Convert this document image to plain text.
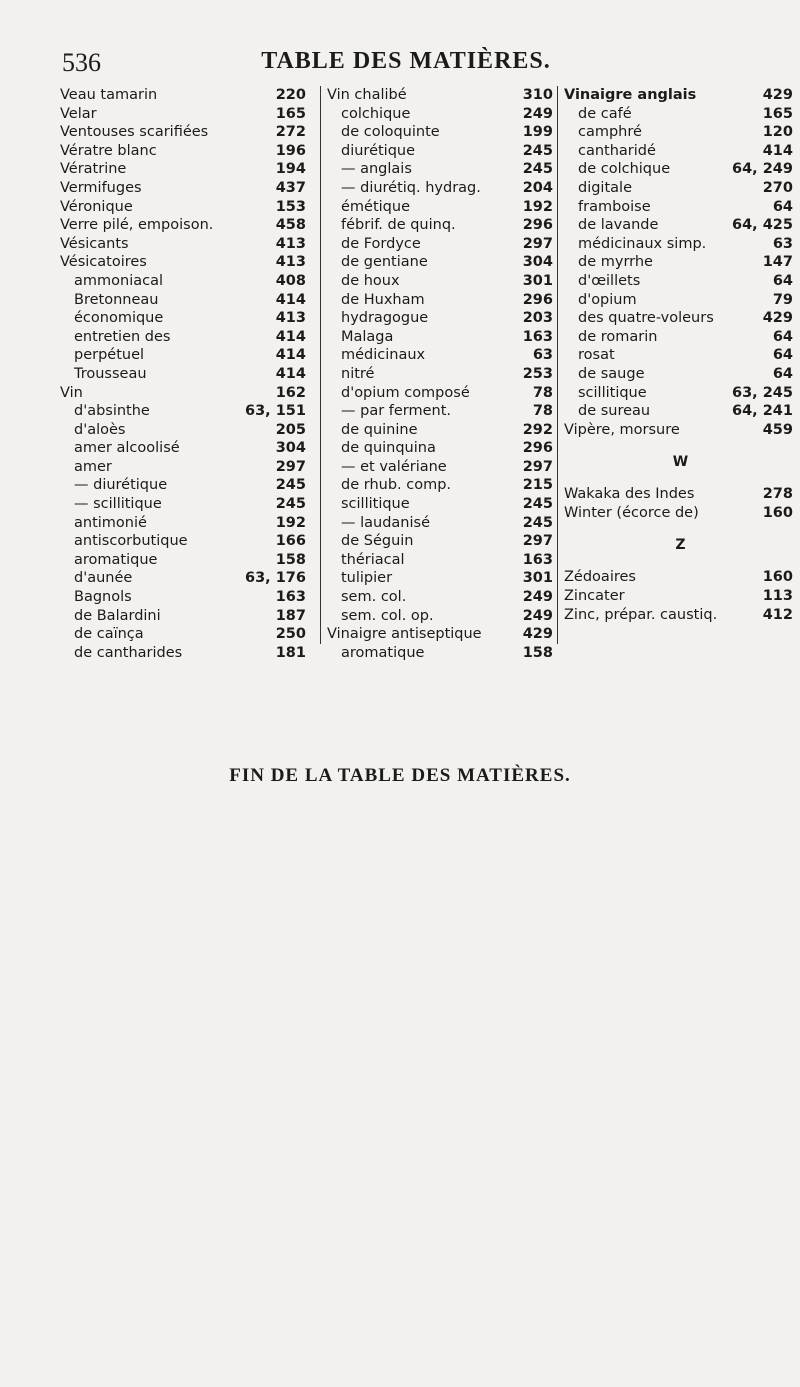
536	TABLE DES MATIÈRES.
Veau tamarin	220
Velar	165
Ventouses scarifiées	272
Vératre blanc	196
Vératrine	194
Vermifuges	437
Véronique	153
Verre pilé, empoison.	458
Vésicants	413
Vésicatoires	413
ammoniacal	408
Bretonneau	414
économique	413
entretien des	414
perpétuel	414
Trousseau	414
Vin	162
d'absinthe	63, 151
d'aloès	205
amer alcoolisé	304
amer	297
— diurétique	245
— scillitique	245
antimonié	192
antiscorbutique	166
aromatique	158
d'aunée	63, 176
Bagnols	163
de Balardini	187
de caïnça	250
de cantharides	181
Vin chalibé	310
colchique	249
de coloquinte	199
diurétique	245
— anglais	245
— diurétiq. hydrag.	204
émétique	192
fébrif. de quinq.	296
de Fordyce	297
de gentiane	304
de houx	301
de Huxham	296
hydragogue	203
Malaga	163
médicinaux	63
nitré	253
d'opium composé	78
— par ferment.	78
de quinine	292
de quinquina	296
— et valériane	297
de rhub. comp.	215
scillitique	245
— laudanisé	245
de Séguin	297
thériacal	163
tulipier	301
sem. col.	249
sem. col. op.	249
Vinaigre antiseptique	429
aromatique	158
Vinaigre anglais	429
de café	165
camphré	120
cantharidé	414
de colchique	64, 249
digitale	270
framboise	64
de lavande	64, 425
médicinaux simp.	63
de myrrhe	147
d'œillets	64
d'opium	79
des quatre-voleurs	429
de romarin	64
rosat	64
de sauge	64
scillitique	63, 245
de sureau	64, 241
Vipère, morsure	459
W
Wakaka des Indes	278
Winter (écorce de)	160
Z
Zédoaires	160
Zincater	113
Zinc, prépar. caustiq.	412
FIN DE LA TABLE DES MATIÈRES.
